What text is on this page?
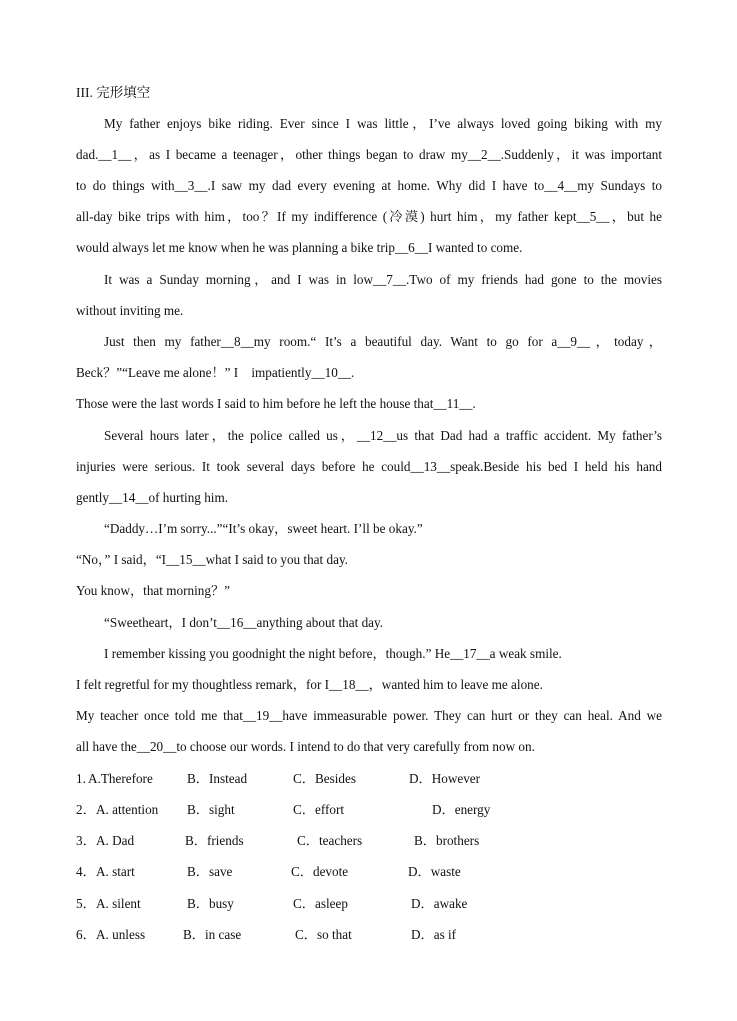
III. 完形填空
My father enjoys bike riding. Ever since I was little，I’ve always loved going biking with my
dad.__1__，as I became a teenager，other things began to draw my__2__.Suddenly，it was important
to do things with__3__.I saw my dad every evening at home. Why did I have to__4__my Sundays to
all-day bike trips with him，too？If my indifference (冷漠) hurt him，my father kept__5__，but he
would always let me know when he was planning a bike trip__6__I wanted to come.
It was a Sunday morning，and I was in low__7__.Two of my friends had gone to the movies
without inviting me.
Just then my father__8__my room.“ It’s a beautiful day. Want to go for a__9__，today，
Beck？”“Leave me alone！” I    impatiently__10__.
Those were the last words I said to him before he left the house that__11__.
Several hours later，the police called us，__12__us that Dad had a traffic accident. My father’s
injuries were serious. It took several days before he could__13__speak.Beside his bed I held his hand
gently__14__of hurting him.
“Daddy…I’m sorry...”“It’s okay，sweet heart. I’ll be okay.”
“No，” I said，“I__15__what I said to you that day.
You know，that morning？”
“Sweetheart，I don’t__16__anything about that day.
I remember kissing you goodnight the night before，though.” He__17__a weak smile.
I felt regretful for my thoughtless remark，for I__18__，wanted him to leave me alone.
My teacher once told me that__19__have immeasurable power. They can hurt or they can heal. And we
all have the__20__to choose our words. I intend to do that very carefully from now on.
1. A.Therefore	B．Instead	C．Besides	D．However
2． A. attention B．sight	C．effort	D．energy
3． A. Dad	B．friends	C．teachers	B．brothers
4． A. start	B．save	C．devote	D．waste
5． A. silent	B．busy	C．asleep	D．awake
6． A. unless	B．in case	C．so that	D．as if
